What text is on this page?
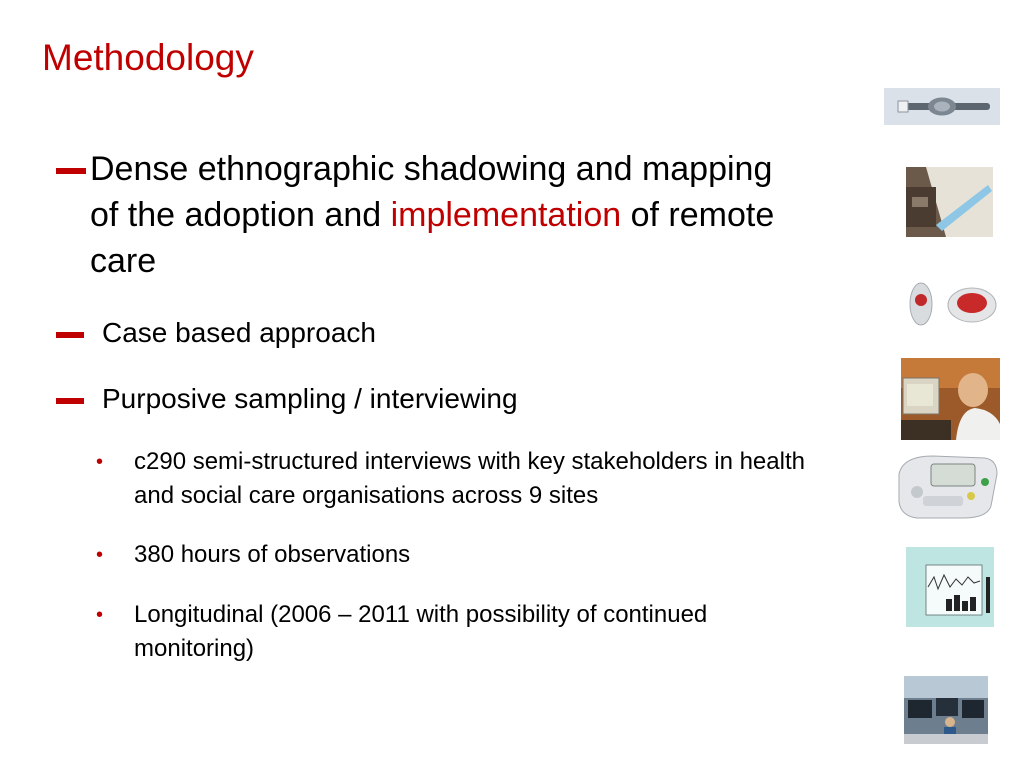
Methodology
Dense ethnographic shadowing and mapping of the adoption and implementation of remote care
Case based approach
Purposive sampling / interviewing
• c290 semi-structured interviews with key stakeholders in health and social care organisations across 9 sites
• 380 hours of observations
• Longitudinal (2006 – 2011 with possibility of continued monitoring)
